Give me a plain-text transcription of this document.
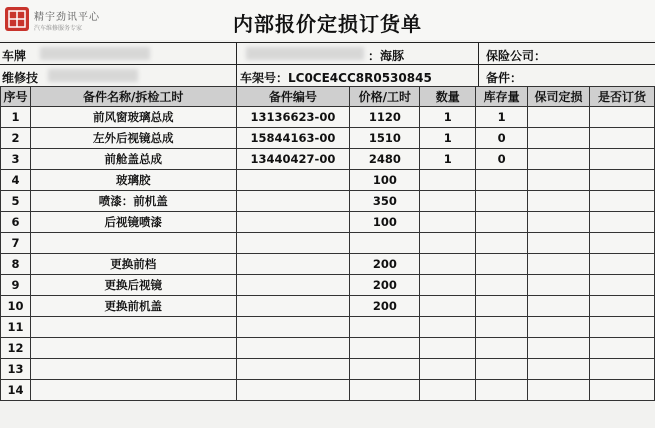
精宇劲讯平心
汽车维修服务专家	内部报价定损订货单
车牌	：海豚	保险公司：
维修技	车架号：LC0CE4CC8R0530845	备件：
序号	备件名称/拆检工时	备件编号	价格/工时	数量	库存量	保司定损	是否订货
1	前风窗玻璃总成	13136623-00	1120	1	1		
2	左外后视镜总成	15844163-00	1510	1	0		
3	前舱盖总成	13440427-00	2480	1	0		
4	玻璃胶		100				
5	喷漆：前机盖		350				
6	后视镜喷漆		100				
7							
8	更换前档		200				
9	更换后视镜		200				
10	更换前机盖		200				
11							
12							
13							
14							
